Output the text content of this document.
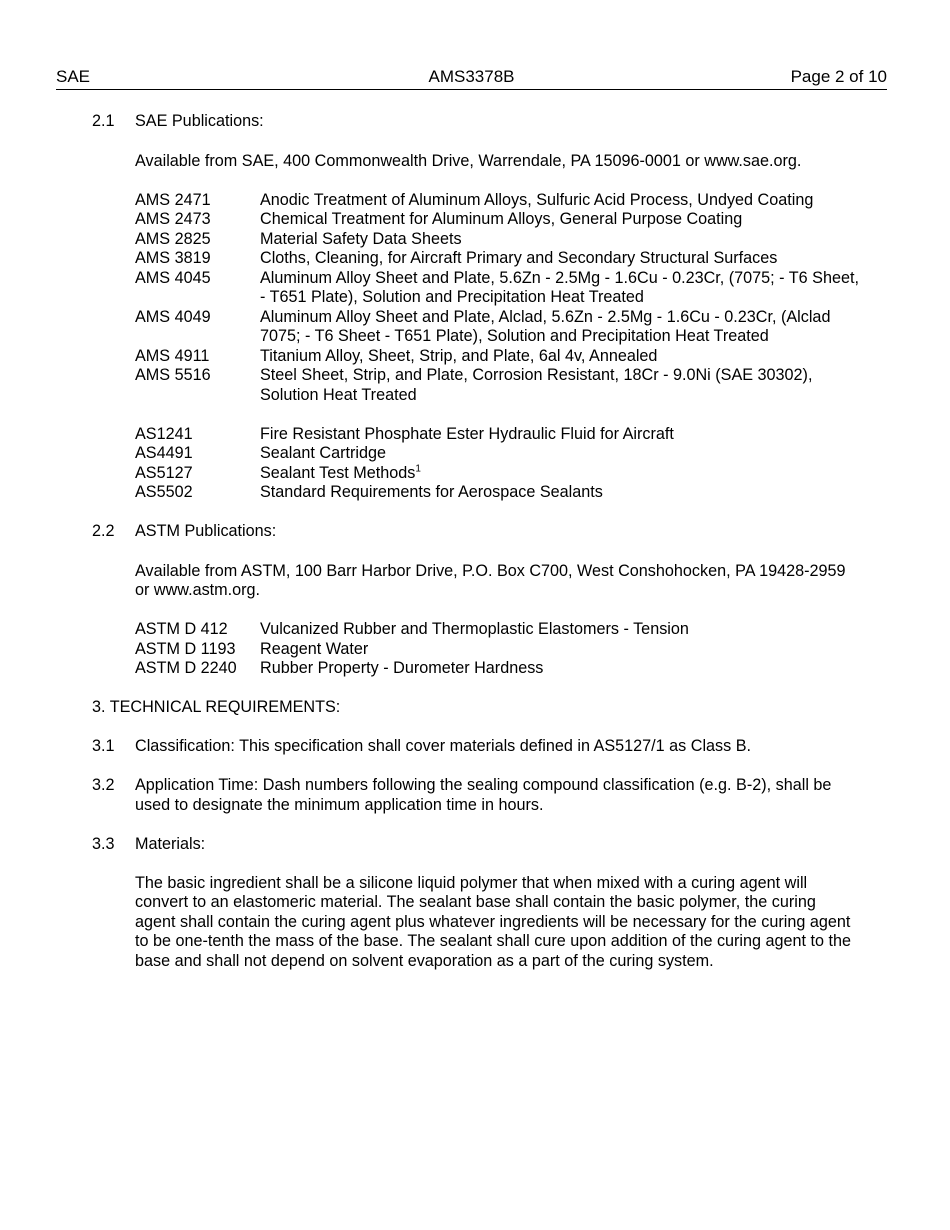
SAE	AMS3378B	Page 2 of 10
2.1 SAE Publications:
Available from SAE, 400 Commonwealth Drive, Warrendale, PA 15096-0001 or www.sae.org.
AMS 2471	Anodic Treatment of Aluminum Alloys, Sulfuric Acid Process, Undyed Coating
AMS 2473	Chemical Treatment for Aluminum Alloys, General Purpose Coating
AMS 2825	Material Safety Data Sheets
AMS 3819	Cloths, Cleaning, for Aircraft Primary and Secondary Structural Surfaces
AMS 4045	Aluminum Alloy Sheet and Plate, 5.6Zn - 2.5Mg - 1.6Cu - 0.23Cr, (7075; - T6 Sheet, - T651 Plate), Solution and Precipitation Heat Treated
AMS 4049	Aluminum Alloy Sheet and Plate, Alclad, 5.6Zn - 2.5Mg - 1.6Cu - 0.23Cr, (Alclad 7075; - T6 Sheet - T651 Plate), Solution and Precipitation Heat Treated
AMS 4911	Titanium Alloy, Sheet, Strip, and Plate, 6al 4v, Annealed
AMS 5516	Steel Sheet, Strip, and Plate, Corrosion Resistant, 18Cr - 9.0Ni (SAE 30302), Solution Heat Treated
AS1241	Fire Resistant Phosphate Ester Hydraulic Fluid for Aircraft
AS4491	Sealant Cartridge
AS5127	Sealant Test Methods$^1$
AS5502	Standard Requirements for Aerospace Sealants
2.2 ASTM Publications:
Available from ASTM, 100 Barr Harbor Drive, P.O. Box C700, West Conshohocken, PA 19428-2959 or www.astm.org.
ASTM D 412	Vulcanized Rubber and Thermoplastic Elastomers - Tension
ASTM D 1193	Reagent Water
ASTM D 2240	Rubber Property - Durometer Hardness
3. TECHNICAL REQUIREMENTS:
3.1 Classification: This specification shall cover materials defined in AS5127/1 as Class B.
3.2 Application Time: Dash numbers following the sealing compound classification (e.g. B-2), shall be used to designate the minimum application time in hours.
3.3 Materials:
The basic ingredient shall be a silicone liquid polymer that when mixed with a curing agent will convert to an elastomeric material. The sealant base shall contain the basic polymer, the curing agent shall contain the curing agent plus whatever ingredients will be necessary for the curing agent to be one-tenth the mass of the base. The sealant shall cure upon addition of the curing agent to the base and shall not depend on solvent evaporation as a part of the curing system.
